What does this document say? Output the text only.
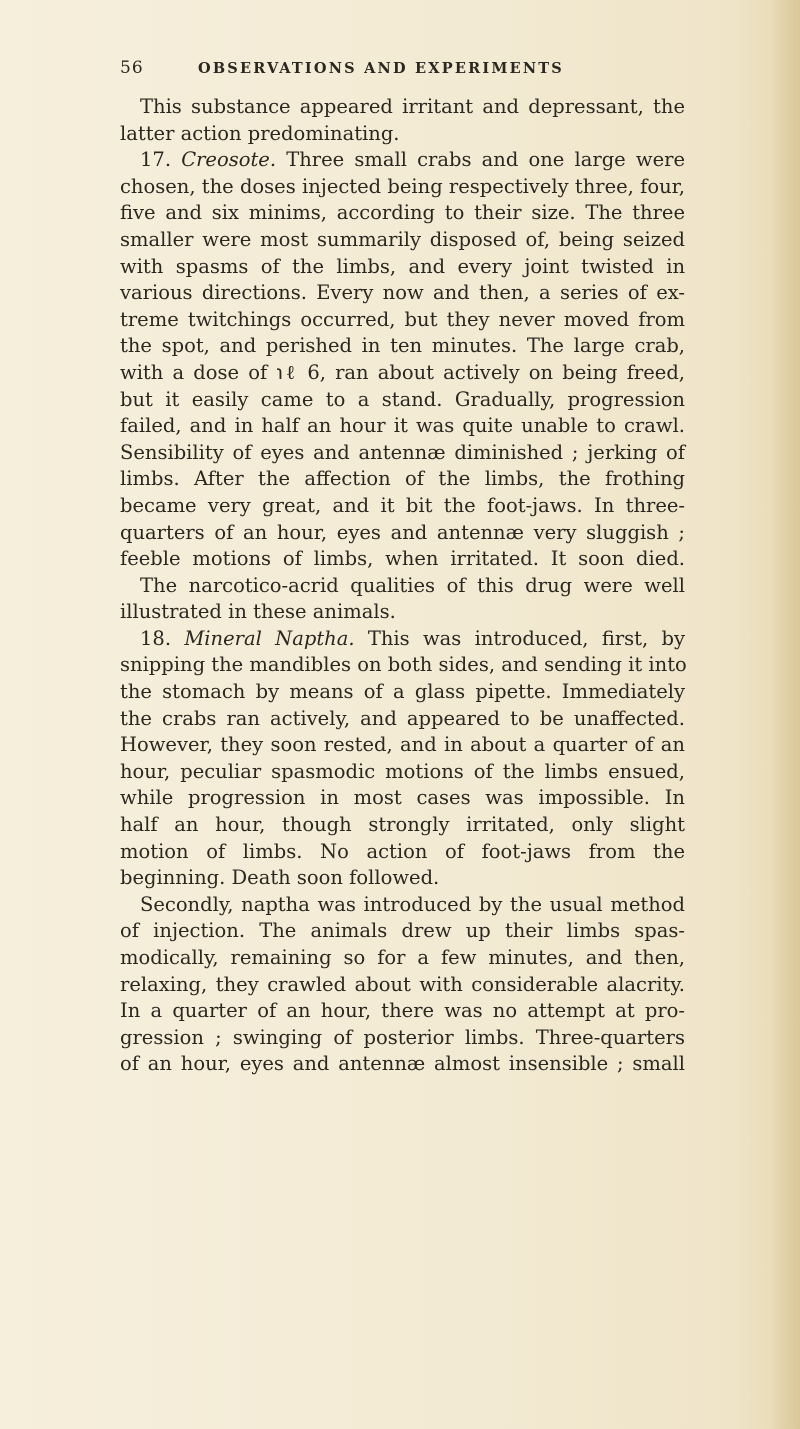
56	OBSERVATIONS AND EXPERIMENTS
This substance appeared irritant and depressant, the
latter action predominating.
17. Creosote. Three small crabs and one large were
chosen, the doses injected being respectively three, four,
five and six minims, according to their size. The three
smaller were most summarily disposed of, being seized
with spasms of the limbs, and every joint twisted in
various directions. Every now and then, a series of ex-
treme twitchings occurred, but they never moved from
the spot, and perished in ten minutes. The large crab,
with a dose of ℩ℓ 6, ran about actively on being freed,
but it easily came to a stand. Gradually, progression
failed, and in half an hour it was quite unable to crawl.
Sensibility of eyes and antennæ diminished ; jerking of
limbs. After the affection of the limbs, the frothing
became very great, and it bit the foot-jaws. In three-
quarters of an hour, eyes and antennæ very sluggish ;
feeble motions of limbs, when irritated. It soon died.
The narcotico-acrid qualities of this drug were well
illustrated in these animals.
18. Mineral Naptha. This was introduced, first, by
snipping the mandibles on both sides, and sending it into
the stomach by means of a glass pipette. Immediately
the crabs ran actively, and appeared to be unaffected.
However, they soon rested, and in about a quarter of an
hour, peculiar spasmodic motions of the limbs ensued,
while progression in most cases was impossible. In
half an hour, though strongly irritated, only slight
motion of limbs. No action of foot-jaws from the
beginning. Death soon followed.
Secondly, naptha was introduced by the usual method
of injection. The animals drew up their limbs spas-
modically, remaining so for a few minutes, and then,
relaxing, they crawled about with considerable alacrity.
In a quarter of an hour, there was no attempt at pro-
gression ; swinging of posterior limbs. Three-quarters
of an hour, eyes and antennæ almost insensible ; small
